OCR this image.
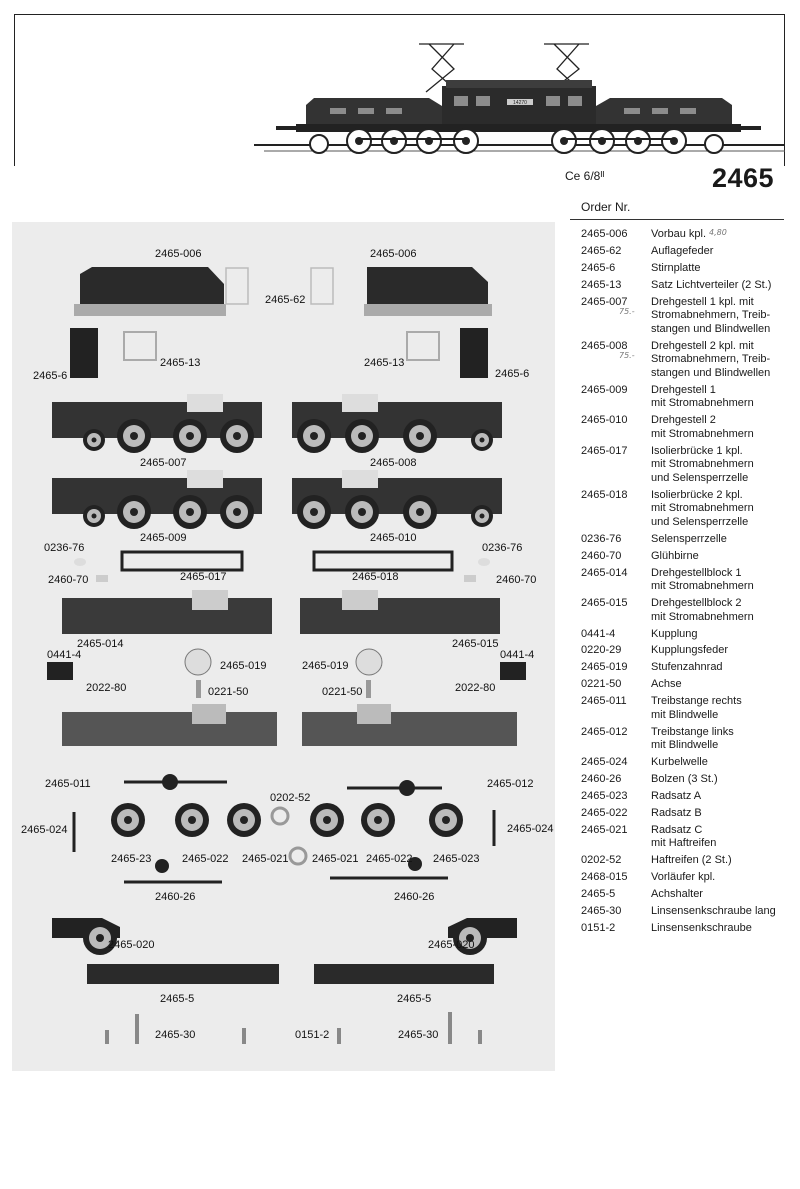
14270
Ce 6/8ᴵᴵ	2465
Order Nr.
2465-006	Vorbau kpl. 4,80
2465-62	Auflagefeder
2465-6	Stirnplatte
2465-13	Satz Lichtverteiler (2 St.)
2465-007	Drehgestell 1 kpl. mit
Stromabnehmern, Treib-
stangen und Blindwellen
75.-
2465-008	Drehgestell 2 kpl. mit
Stromabnehmern, Treib-
stangen und Blindwellen
75.-
2465-009	Drehgestell 1
mit Stromabnehmern
2465-010	Drehgestell 2
mit Stromabnehmern
2465-017	Isolierbrücke 1 kpl.
mit Stromabnehmern
und Selensperrzelle
2465-018	Isolierbrücke 2 kpl.
mit Stromabnehmern
und Selensperrzelle
0236-76	Selensperrzelle
2460-70	Glühbirne
2465-014	Drehgestellblock 1
mit Stromabnehmern
2465-015	Drehgestellblock 2
mit Stromabnehmern
0441-4	Kupplung
0220-29	Kupplungsfeder
2465-019	Stufenzahnrad
0221-50	Achse
2465-011	Treibstange rechts
mit Blindwelle
2465-012	Treibstange links
mit Blindwelle
2465-024	Kurbelwelle
2460-26	Bolzen (3 St.)
2465-023	Radsatz A
2465-022	Radsatz B
2465-021	Radsatz C
mit Haftreifen
0202-52	Haftreifen (2 St.)
2468-015	Vorläufer kpl.
2465-5	Achshalter
2465-30	Linsensenkschraube lang
0151-2	Linsensenkschraube
2465-006	2465-006
2465-62
2465-6
2465-13	2465-13
2465-6
2465-007	2465-008
2465-009	2465-010
0236-76	0236-76
2465-017	2465-018
2460-70	2460-70
2465-014	2465-015
0441-4	0441-4
2465-019	2465-019
2022-80	2022-80
0221-50	0221-50
2465-011	2465-012
0202-52
2465-024	2465-024
2465-23	2465-022 2465-021 2465-021 2465-022 2465-023
2460-26	2460-26
2465-020	2465-020
2465-5	2465-5
2465-30	0151-2	2465-30
